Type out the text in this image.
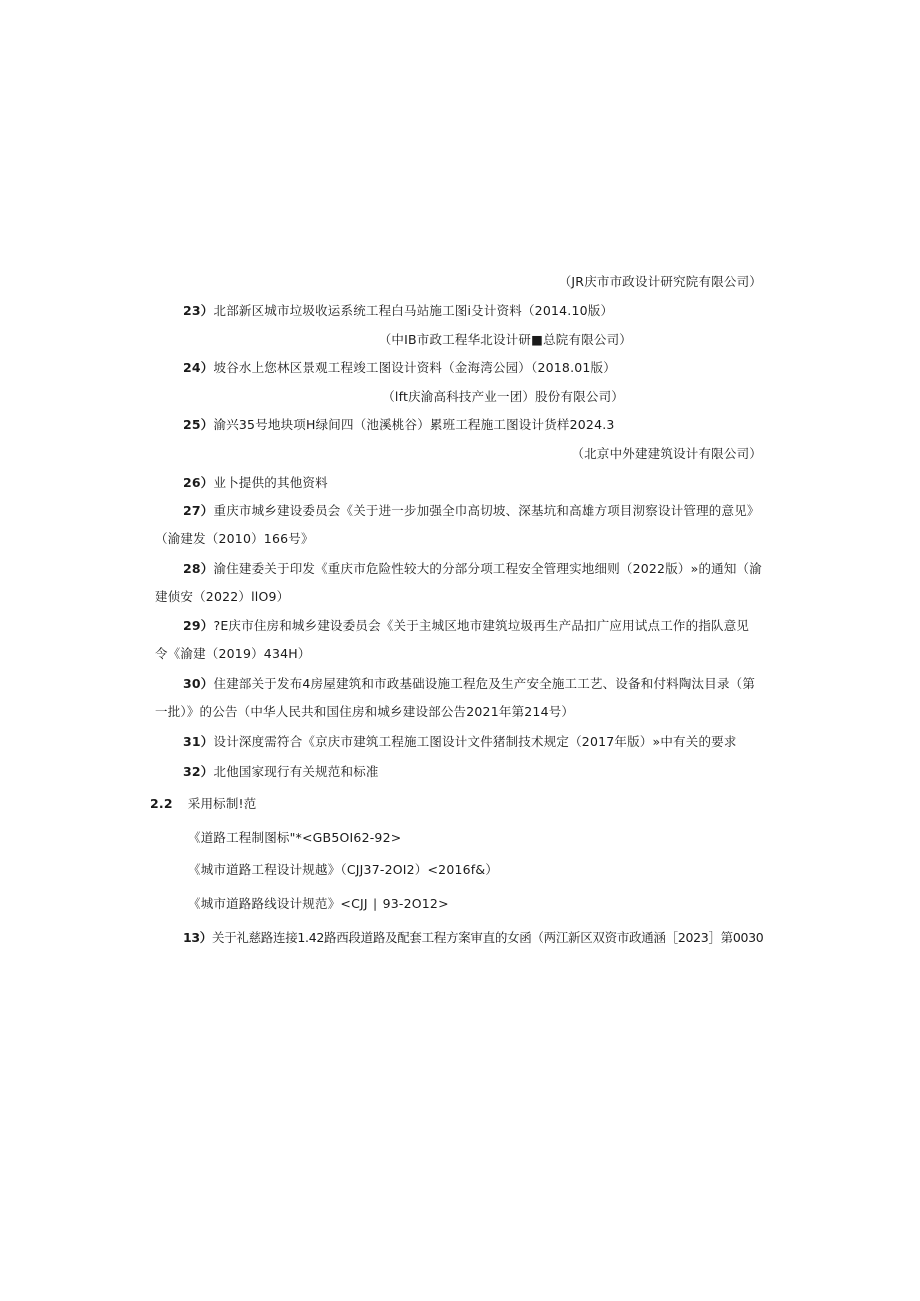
（JR庆市市政设计研究院有限公司）
23）北部新区城市垃圾收运系统工程白马站施工图i殳计资料（2014.10版）
（中IB市政工程华北设计研■总院有限公司）
24）坡谷水上您林区景观工程竣工图设计资料（金海湾公园）（2018.01版）
（lft庆渝高科技产业一团）股份有限公司）
25）渝兴35号地块项H绿间四（池溪桃谷）累班工程施工图设计货样2024.3
（北京中外建建筑设计有限公司）
26）业卜提供的其他资料
27）重庆市城乡建设委员会《关于进一步加强全巾高切坡、深基坑和高雄方项目沏察设计管理的意见》
（渝建发（2010）166号》
28）渝住建委关于印发《重庆市危险性较大的分部分项工程安全管理实地细则（2022版）»的通知（渝
建侦安（2022）llO9）
29）?E庆市住房和城乡建设委员会《关于主城区地市建筑垃圾再生产品扣广应用试点工作的指队意见
令《渝建（2019）434H）
30）住建部关于发布4房屋建筑和市政基础设施工程危及生产安全施工工艺、设备和付料陶汰目录（第
一批）》的公告（中华人民共和国住房和城乡建设部公告2021年第214号）
31）设计深度需符合《京庆市建筑工程施工图设计文件猪制技术规定（2017年版）»中有关的要求
32）北他国家现行有关规范和标准
2.2 采用标制!范
《道路工程制图标"*<GB5OI62-92>
《城市道路工程设计规越》（CJJ37-2OI2）<2016f&）
《城市道路路线设计规范》<CJJ ∣ 93-2O12>
13）关于礼慈路连接1.42路西段道路及配套工程方案审直的女函（两江新区双资市政通涵［2023］第0030
